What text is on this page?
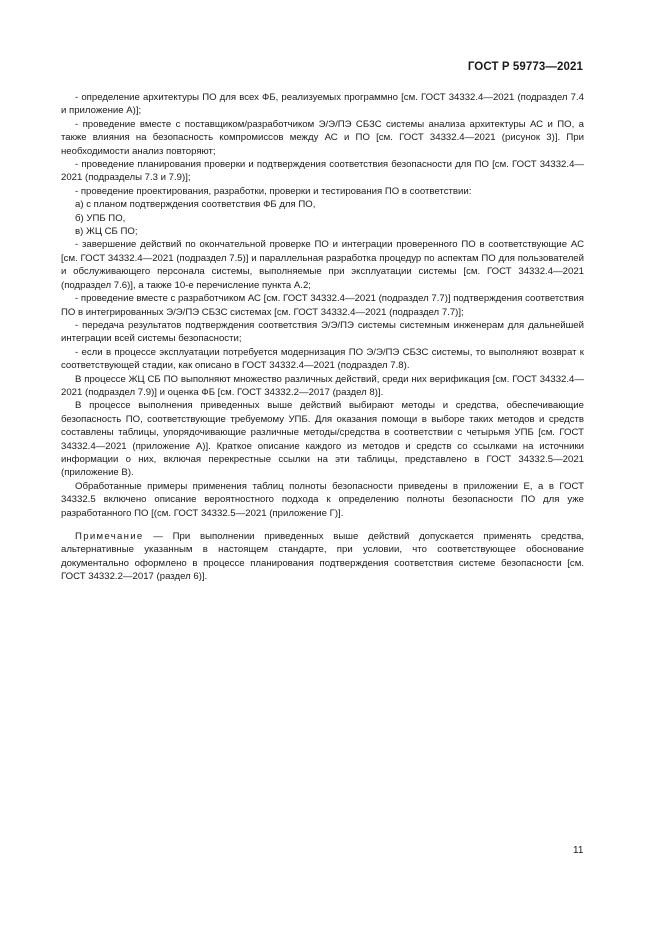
ГОСТ Р 59773—2021

- определение архитектуры ПО для всех ФБ, реализуемых программно [см. ГОСТ 34332.4—2021 (подраздел 7.4 и приложение А)];

- проведение вместе с поставщиком/разработчиком Э/Э/ПЭ СБЗС системы анализа архитектуры АС и ПО, а также влияния на безопасность компромиссов между АС и ПО [см. ГОСТ 34332.4—2021 (рисунок 3)]. При необходимости анализ повторяют;

- проведение планирования проверки и подтверждения соответствия безопасности для ПО [см. ГОСТ 34332.4—2021 (подразделы 7.3 и 7.9)];

- проведение проектирования, разработки, проверки и тестирования ПО в соответствии:

а) с планом подтверждения соответствия ФБ для ПО,

б) УПБ ПО,

в) ЖЦ СБ ПО;

- завершение действий по окончательной проверке ПО и интеграции проверенного ПО в соответствующие АС [см. ГОСТ 34332.4—2021 (подраздел 7.5)] и параллельная разработка процедур по аспектам ПО для пользователей и обслуживающего персонала системы, выполняемые при эксплуатации системы [см. ГОСТ 34332.4—2021 (подраздел 7.6)], а также 10-е перечисление пункта А.2;

- проведение вместе с разработчиком АС [см. ГОСТ 34332.4—2021 (подраздел 7.7)] подтверждения соответствия ПО в интегрированных Э/Э/ПЭ СБЗС системах [см. ГОСТ 34332.4—2021 (подраздел 7.7)];

- передача результатов подтверждения соответствия Э/Э/ПЭ системы системным инженерам для дальнейшей интеграции всей системы безопасности;

- если в процессе эксплуатации потребуется модернизация ПО Э/Э/ПЭ СБЗС системы, то выполняют возврат к соответствующей стадии, как описано в ГОСТ 34332.4—2021 (подраздел 7.8).

В процессе ЖЦ СБ ПО выполняют множество различных действий, среди них верификация [см. ГОСТ 34332.4—2021 (подраздел 7.9)] и оценка ФБ [см. ГОСТ 34332.2—2017 (раздел 8)].

В процессе выполнения приведенных выше действий выбирают методы и средства, обеспечивающие безопасность ПО, соответствующие требуемому УПБ. Для оказания помощи в выборе таких методов и средств составлены таблицы, упорядочивающие различные методы/средства в соответствии с четырьмя УПБ [см. ГОСТ 34332.4—2021 (приложение А)]. Краткое описание каждого из методов и средств со ссылками на источники информации о них, включая перекрестные ссылки на эти таблицы, представлено в ГОСТ 34332.5—2021 (приложение В).

Обработанные примеры применения таблиц полноты безопасности приведены в приложении Е, а в ГОСТ 34332.5 включено описание вероятностного подхода к определению полноты безопасности ПО для уже разработанного ПО [(см. ГОСТ 34332.5—2021 (приложение Г)].

Примечание — При выполнении приведенных выше действий допускается применять средства, альтернативные указанным в настоящем стандарте, при условии, что соответствующее обоснование документально оформлено в процессе планирования подтверждения соответствия системе безопасности [см. ГОСТ 34332.2—2017 (раздел 6)].

11
